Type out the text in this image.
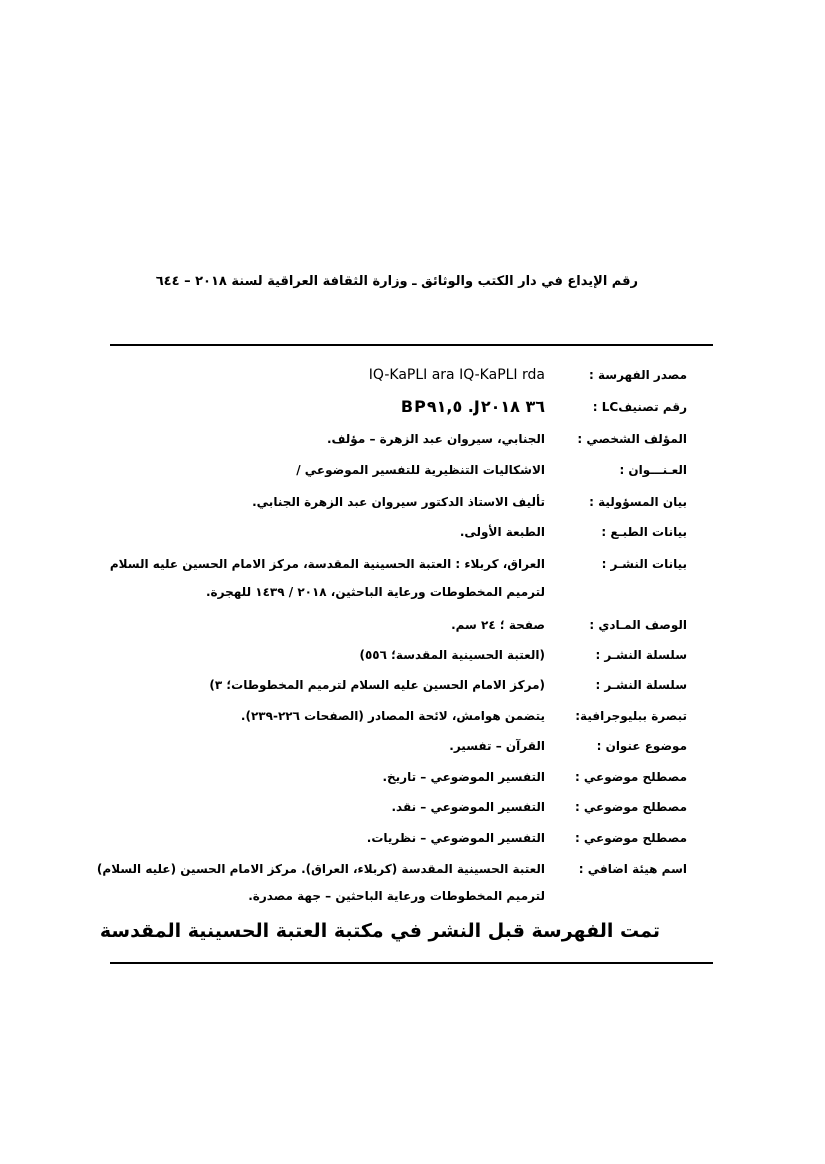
رقم الإيداع في دار الكتب والوثائق ـ وزارة الثقافة العراقية لسنة ٢٠١٨ – ٦٤٤
مصدر الفهرسة :
IQ-KaPLI ara IQ-KaPLI rda
رقم تصنيفLC :
BP٩١,٥ .J٣٦ ٢٠١٨
المؤلف الشخصي :
الجنابي، سيروان عبد الزهرة – مؤلف.
العـنـــوان :
الاشكاليات التنظيرية للتفسير الموضوعي /
بيان المسؤولية :
تأليف الاستاذ الدكتور سيروان عبد الزهرة الجنابي.
بيانات الطبـع :
الطبعة الأولى.
بيانات النشـر :
العراق، كربلاء : العتبة الحسينية المقدسة، مركز الامام الحسين عليه السلام
لترميم المخطوطات ورعاية الباحثين، ٢٠١٨ / ١٤٣٩ للهجرة.
الوصف المـادي :
صفحة ؛ ٢٤ سم.
سلسلة النشـر :
(العتبة الحسينية المقدسة؛ ٥٥٦)
سلسلة النشـر :
(مركز الامام الحسين عليه السلام لترميم المخطوطات؛ ٣)
تبصرة ببليوجرافية:
يتضمن هوامش، لائحة المصادر (الصفحات ٢٢٦-٢٣٩).
موضوع عنوان :
القرآن – تفسير.
مصطلح موضوعي :
التفسير الموضوعي – تاريخ.
مصطلح موضوعي :
التفسير الموضوعي – نقد.
مصطلح موضوعي :
التفسير الموضوعي – نظريات.
اسم هيئة اضافي :
العتبة الحسينية المقدسة (كربلاء، العراق). مركز الامام الحسين (عليه السلام)
لترميم المخطوطات ورعاية الباحثين – جهة مصدرة.
تمت الفهرسة قبل النشر في مكتبة العتبة الحسينية المقدسة
